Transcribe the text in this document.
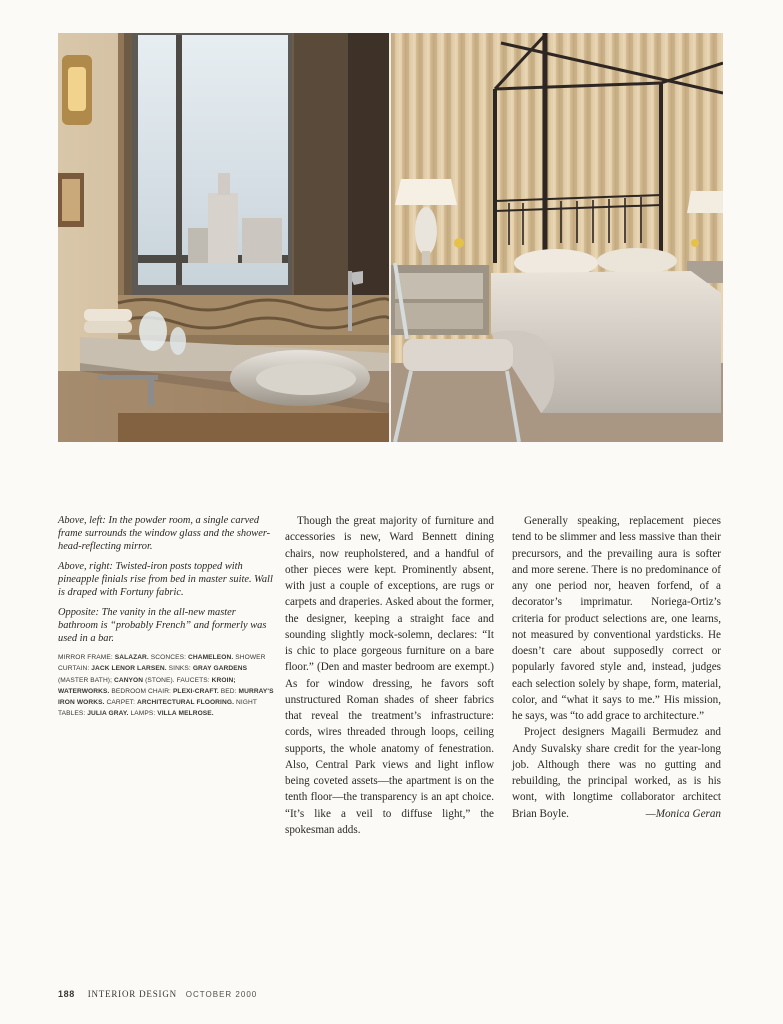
Above, left: In the powder room, a single carved frame surrounds the window glass and the shower-head-reflecting mirror.

Above, right: Twisted-iron posts topped with pineapple finials rise from bed in master suite. Wall is draped with Fortuny fabric.

Opposite: The vanity in the all-new master bathroom is “probably French” and formerly was used in a bar.

MIRROR FRAME: SALAZAR. SCONCES: CHAMELEON. SHOWER CURTAIN: JACK LENOR LARSEN. SINKS: GRAY GARDENS (MASTER BATH); CANYON (STONE). FAUCETS: KROIN; WATERWORKS. BEDROOM CHAIR: PLEXI-CRAFT. BED: MURRAY'S IRON WORKS. CARPET: ARCHITECTURAL FLOORING. NIGHT TABLES: JULIA GRAY. LAMPS: VILLA MELROSE.

Though the great majority of furniture and accessories is new, Ward Bennett dining chairs, now reupholstered, and a handful of other pieces were kept. Prominently absent, with just a couple of exceptions, are rugs or carpets and draperies. Asked about the former, the designer, keeping a straight face and sounding slightly mock-solemn, declares: “It is chic to place gorgeous furniture on a bare floor.” (Den and master bedroom are exempt.) As for window dressing, he favors soft unstructured Roman shades of sheer fabrics that reveal the treatment’s infrastructure: cords, wires threaded through loops, ceiling supports, the whole anatomy of fenestration. Also, Central Park views and light inflow being coveted assets—the apartment is on the tenth floor—the transparency is an apt choice. “It’s like a veil to diffuse light,” the spokesman adds.

Generally speaking, replacement pieces tend to be slimmer and less massive than their precursors, and the prevailing aura is softer and more serene. There is no predominance of any one period nor, heaven forfend, of a decorator’s imprimatur. Noriega-Ortiz’s criteria for product selections are, one learns, not measured by conventional yardsticks. He doesn’t care about supposedly correct or popularly favored style and, instead, judges each selection solely by shape, form, material, color, and “what it says to me.” His mission, he says, was “to add grace to architecture.”

Project designers Magaili Bermudez and Andy Suvalsky share credit for the year-long job. Although there was no gutting and rebuilding, the principal worked, as is his wont, with longtime collaborator architect Brian Boyle.	—Monica Geran
188 INTERIOR DESIGN OCTOBER 2000
